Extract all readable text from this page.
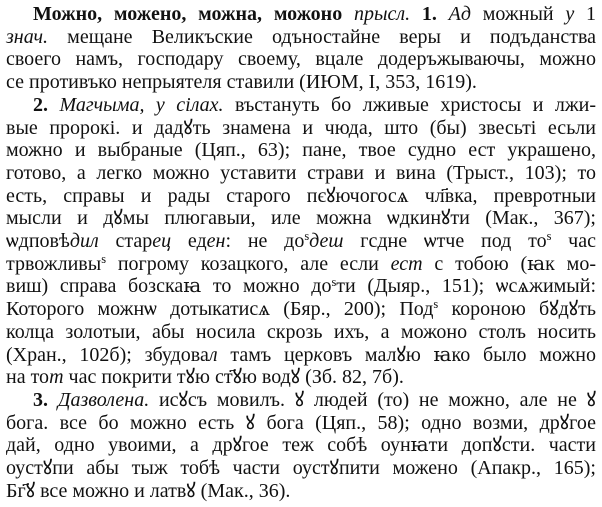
Можно, можено, можна, можоно прысл. 1. Ад можный у 1
знач. мещане Великъские одъностайне веры и подъданства
своего намъ, господару своему, вцале додеръжываючы, можно
се противъко непрыятеля ставили (ИЮМ, I, 353, 1619).
2. Магчыма, у сілах. въстануть бо лживые христосы и лжи-
вые пророкі. и дадꙋть знамена и чюда, што (бы) звесьті есьли
можно и выбраные (Цяп., 63); пане, твое судно ест украшено,
готово, а легко можно уставити страви и вина (Трыст., 103); то
есть, справы и рады старого пєꙋючогосѧ чл҃вка, превротныи
мысли и дꙋмы плюгавыи, иле можна ѡдкинꙋти (Мак., 367);
ѡдповѣдил старец еден: не $до^ѕдеш$ гсдне ѡтче под $то^ѕ$ час
трвожливы$^ѕ$ погрому козацкого, але если ест с тобою (ꙗк мо-
виш) справа бозскаꙗ то можно $до^ѕти$ (Дыяр., 151); ѡсѧжимый:
Которого можнѡ дотыкатисѧ (Бяр., 200); Под$^ѕ$ короною бꙋдꙋть
колца золотыи, абы носила скрозь ихъ, а можоно столъ носить
(Хран., 102б); збудовал тамъ церковъ малꙋю ꙗко было можно
на тот час покрити тꙋю ст҃ꙋю водꙋ (Зб. 82, 7б).
3. Дазволена. исꙋсъ мовилъ. ꙋ людей (то) не можно, але не ꙋ
бога. все бо можно есть ꙋ бога (Цяп., 58); одно возми, дрꙋгое
дай, одно увоими, а дрꙋгое теж собѣ оунꙗти допꙋсти. части
оустꙋпи абы тыж тобѣ части оустꙋпити можено (Апакр., 165);
Бг҃ꙋ все можно и латвꙋ (Мак., 36).
